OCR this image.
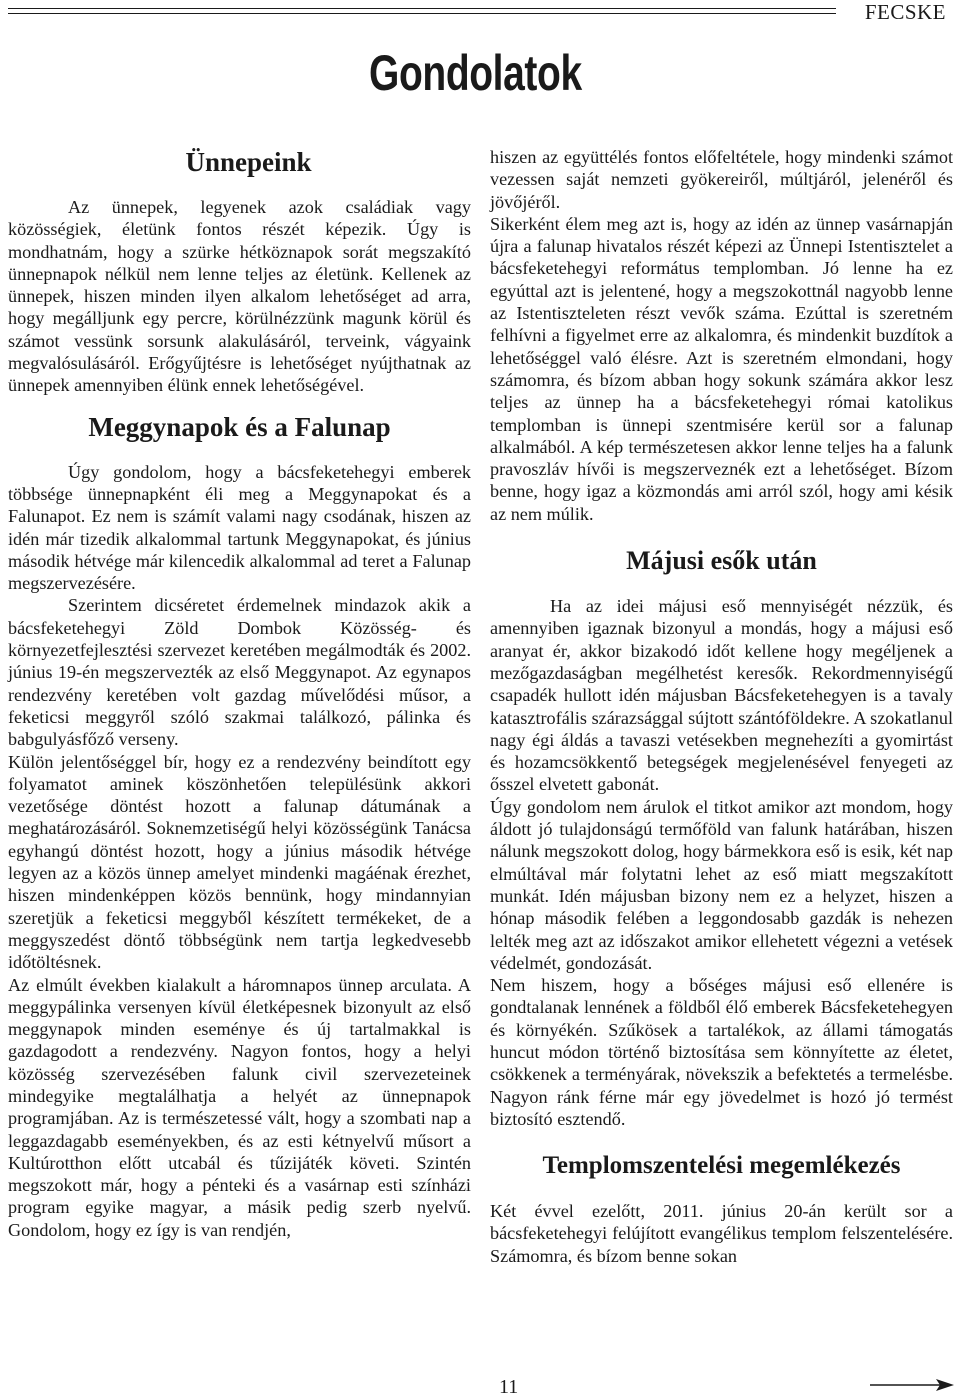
FECSKE
Gondolatok
Ünnepeink

Az ünnepek, legyenek azok családiak vagy közösségiek, életünk fontos részét képezik. Úgy is mondhatnám, hogy a szürke hétköznapok sorát megszakító ünnepnapok nélkül nem lenne teljes az életünk. Kellenek az ünnepek, hiszen minden ilyen alkalom lehetőséget ad arra, hogy megálljunk egy percre, körülnézzünk magunk körül és számot vessünk sorsunk alakulásáról, terveink, vágyaink megvalósulásáról. Erőgyűjtésre is lehetőséget nyújthatnak az ünnepek amennyiben élünk ennek lehetőségével.

Meggynapok és a Falunap

Úgy gondolom, hogy a bácsfeketehegyi emberek többsége ünnepnapként éli meg a Meggynapokat és a Falunapot. Ez nem is számít valami nagy csodának, hiszen az idén már tizedik alkalommal tartunk Meggynapokat, és június második hétvége már kilencedik alkalommal ad teret a Falunap megszervezésére.

Szerintem dicséretet érdemelnek mindazok akik a bácsfeketehegyi Zöld Dombok Közösség- és környezetfejlesztési szervezet keretében megálmodták és 2002. június 19-én megszervezték az első Meggynapot. Az egynapos rendezvény keretében volt gazdag művelődési műsor, a feketicsi meggyről szóló szakmai találkozó, pálinka és babgulyásfőző verseny.

Külön jelentőséggel bír, hogy ez a rendezvény beindított egy folyamatot aminek köszönhetően településünk akkori vezetősége döntést hozott a falunap dátumának a meghatározásáról. Soknemzetiségű helyi közösségünk Tanácsa egyhangú döntést hozott, hogy a június második hétvége legyen az a közös ünnep amelyet mindenki magáénak érezhet, hiszen mindenképpen közös bennünk, hogy mindannyian szeretjük a feketicsi meggyből készített termékeket, de a meggyszedést döntő többségünk nem tartja legkedvesebb időtöltésnek.

Az elmúlt években kialakult a háromnapos ünnep arculata. A meggypálinka versenyen kívül életképesnek bizonyult az első meggynapok minden eseménye és új tartalmakkal is gazdagodott a rendezvény. Nagyon fontos, hogy a helyi közösség szervezésében falunk civil szervezeteinek mindegyike megtalálhatja a helyét az ünnepnapok programjában. Az is természetessé vált, hogy a szombati nap a leggazdagabb eseményekben, és az esti kétnyelvű műsort a Kultúrotthon előtt utcabál és tűzijáték követi. Szintén megszokott már, hogy a pénteki és a vasárnap esti színházi program egyike magyar, a másik pedig szerb nyelvű. Gondolom, hogy ez így is van rendjén,

hiszen az együttélés fontos előfeltétele, hogy mindenki számot vezessen saját nemzeti gyökereiről, múltjáról, jelenéről és jövőjéről.

Sikerként élem meg azt is, hogy az idén az ünnep vasárnapján újra a falunap hivatalos részét képezi az Ünnepi Istentisztelet a bácsfeketehegyi református templomban. Jó lenne ha ez egyúttal azt is jelentené, hogy a megszokottnál nagyobb lenne az Istentiszteleten részt vevők száma. Ezúttal is szeretném felhívni a figyelmet erre az alkalomra, és mindenkit buzdítok a lehetőséggel való élésre. Azt is szeretném elmondani, hogy számomra, és bízom abban hogy sokunk számára akkor lesz teljes az ünnep ha a bácsfeketehegyi római katolikus templomban is ünnepi szentmisére kerül sor a falunap alkalmából. A kép természetesen akkor lenne teljes ha a falunk pravoszláv hívői is megszerveznék ezt a lehetőséget. Bízom benne, hogy igaz a közmondás ami arról szól, hogy ami késik az nem múlik.

Májusi esők után

Ha az idei májusi eső mennyiségét nézzük, és amennyiben igaznak bizonyul a mondás, hogy a májusi eső aranyat ér, akkor bizakodó időt kellene hogy megéljenek a mezőgazdaságban megélhetést keresők. Rekordmennyiségű csapadék hullott idén májusban Bácsfeketehegyen is a tavaly katasztrofális szárazsággal sújtott szántóföldekre. A szokatlanul nagy égi áldás a tavaszi vetésekben megnehezíti a gyomirtást és hozamcsökkentő betegségek megjelenésével fenyegeti az ősszel elvetett gabonát.

Úgy gondolom nem árulok el titkot amikor azt mondom, hogy áldott jó tulajdonságú termőföld van falunk határában, hiszen nálunk megszokott dolog, hogy bármekkora eső is esik, két nap elmúltával már folytatni lehet az eső miatt megszakított munkát. Idén májusban bizony nem ez a helyzet, hiszen a hónap második felében a leggondosabb gazdák is nehezen lelték meg azt az időszakot amikor ellehetett végezni a vetések védelmét, gondozását.

Nem hiszem, hogy a bőséges májusi eső ellenére is gondtalanak lennének a földből élő emberek Bácsfeketehegyen és környékén. Szűkösek a tartalékok, az állami támogatás huncut módon történő biztosítása sem könnyítette az életet, csökkenek a terményárak, növekszik a befektetés a termelésbe. Nagyon ránk férne már egy jövedelmet is hozó jó termést biztosító esztendő.

Templomszentelési megemlékezés

Két évvel ezelőtt, 2011. június 20-án került sor a bácsfeketehegyi felújított evangélikus templom felszentelésére. Számomra, és bízom benne sokan

11
